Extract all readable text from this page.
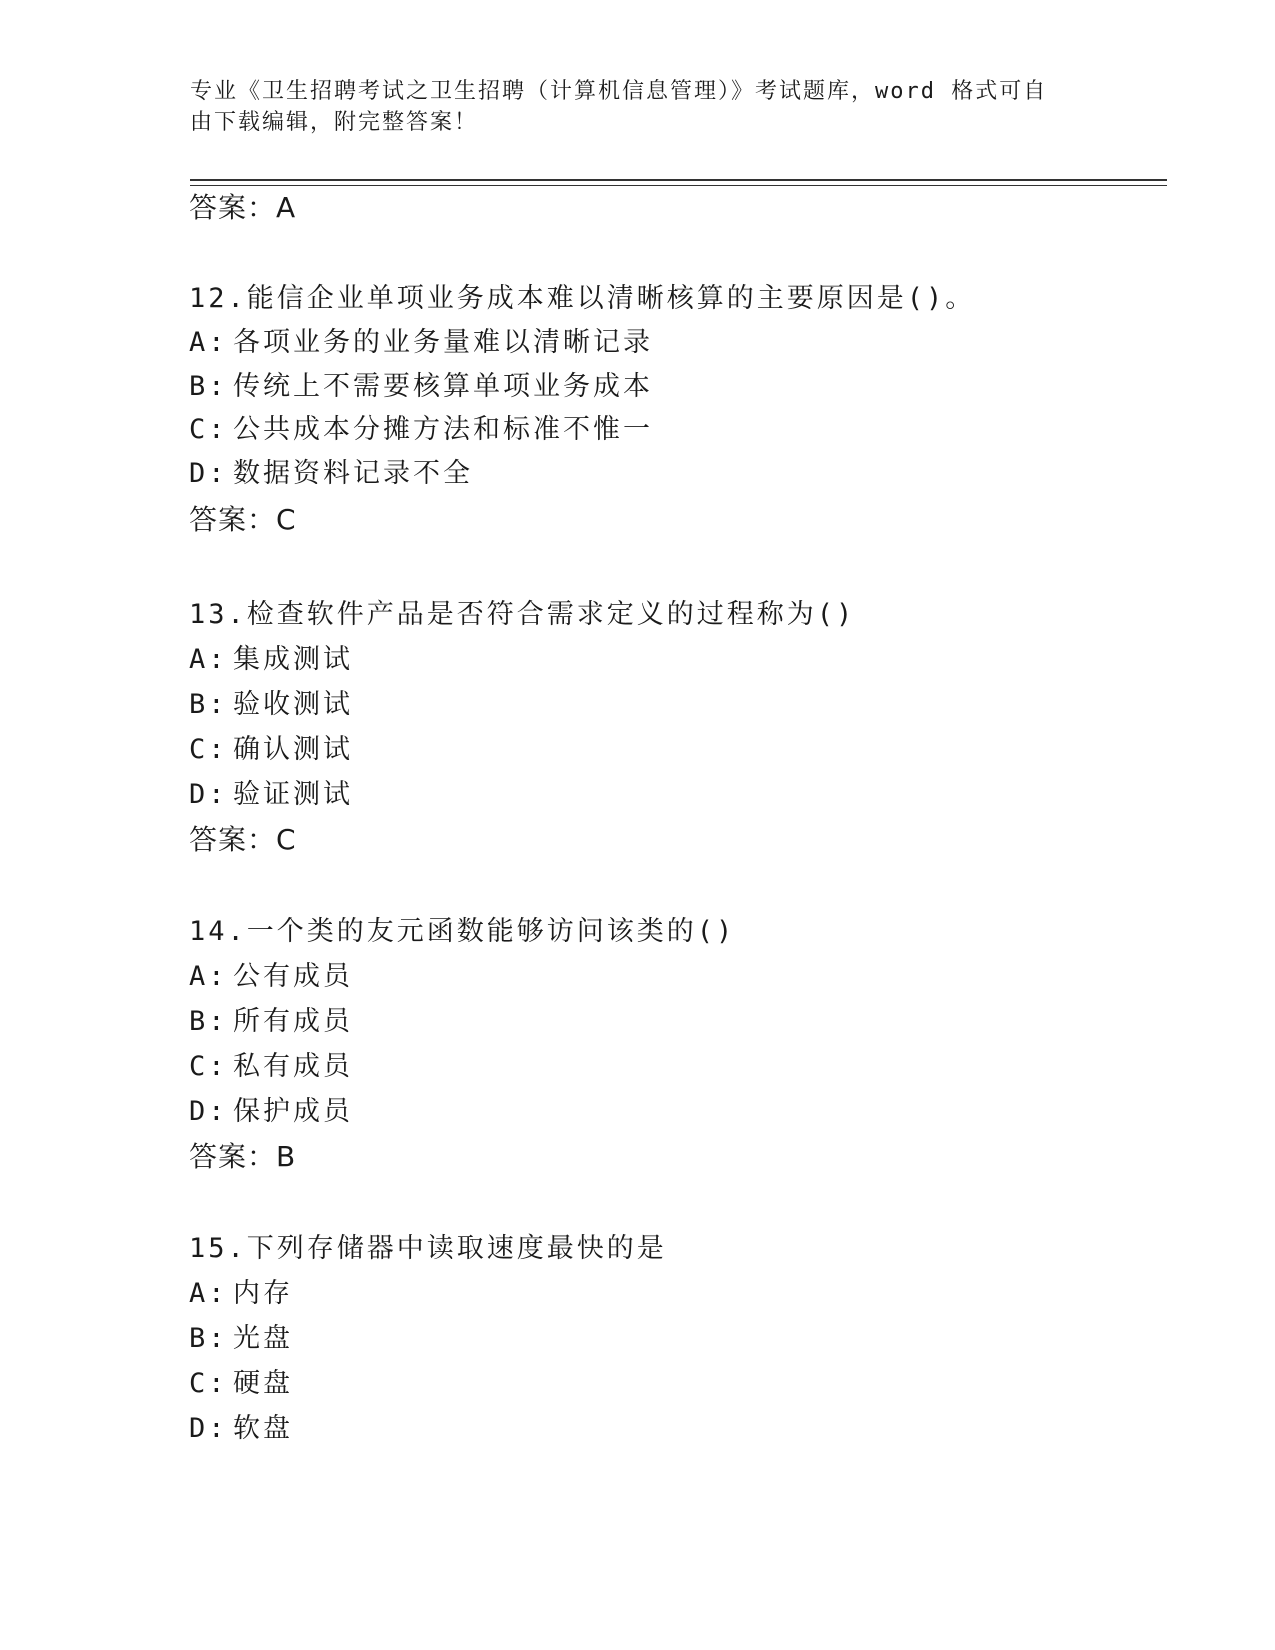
专业《卫生招聘考试之卫生招聘（计算机信息管理）》考试题库，word 格式可自
由下载编辑，附完整答案！
答案：A
12.能信企业单项业务成本难以清晰核算的主要原因是()。
A: 各项业务的业务量难以清晰记录
B: 传统上不需要核算单项业务成本
C: 公共成本分摊方法和标准不惟一
D: 数据资料记录不全
答案：C
13.检查软件产品是否符合需求定义的过程称为()
A: 集成测试
B: 验收测试
C: 确认测试
D: 验证测试
答案：C
14.一个类的友元函数能够访问该类的()
A: 公有成员
B: 所有成员
C: 私有成员
D: 保护成员
答案：B
15.下列存储器中读取速度最快的是
A: 内存
B: 光盘
C: 硬盘
D: 软盘
